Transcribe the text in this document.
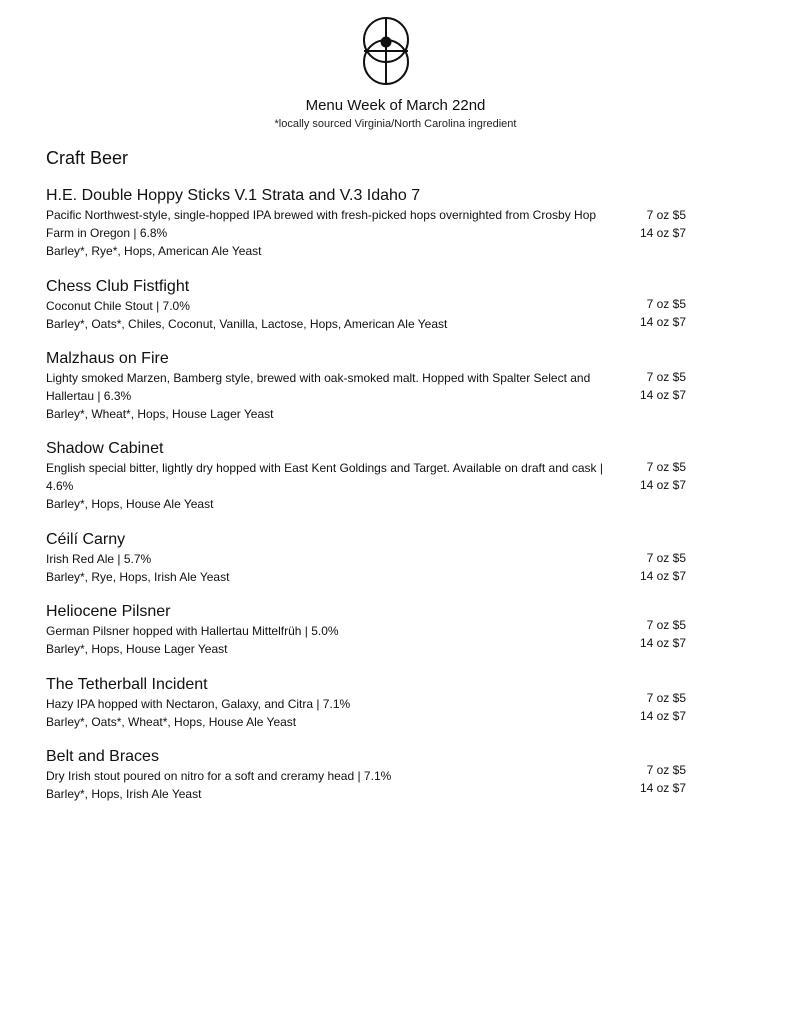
Menu Week of March 22nd
*locally sourced Virginia/North Carolina ingredient
Craft Beer
H.E. Double Hoppy Sticks V.1 Strata and V.3 Idaho 7
Pacific Northwest-style, single-hopped IPA brewed with fresh-picked hops overnighted from Crosby Hop Farm in Oregon | 6.8%
Barley*, Rye*, Hops, American Ale Yeast
7 oz $5
14 oz $7
Chess Club Fistfight
Coconut Chile Stout | 7.0%
Barley*, Oats*, Chiles, Coconut, Vanilla, Lactose, Hops, American Ale Yeast
7 oz $5
14 oz $7
Malzhaus on Fire
Lighty smoked Marzen, Bamberg style, brewed with oak-smoked malt. Hopped with Spalter Select and Hallertau | 6.3%
Barley*, Wheat*, Hops, House Lager Yeast
7 oz $5
14 oz $7
Shadow Cabinet
English special bitter, lightly dry hopped with East Kent Goldings and Target. Available on draft and cask | 4.6%
Barley*, Hops, House Ale Yeast
7 oz $5
14 oz $7
Céilí Carny
Irish Red Ale | 5.7%
Barley*, Rye, Hops, Irish Ale Yeast
7 oz $5
14 oz $7
Heliocene Pilsner
German Pilsner hopped with Hallertau Mittelfrüh | 5.0%
Barley*, Hops, House Lager Yeast
7 oz $5
14 oz $7
The Tetherball Incident
Hazy IPA hopped with Nectaron, Galaxy, and Citra | 7.1%
Barley*, Oats*, Wheat*, Hops, House Ale Yeast
7 oz $5
14 oz $7
Belt and Braces
Dry Irish stout poured on nitro for a soft and creramy head | 7.1%
Barley*, Hops, Irish Ale Yeast
7 oz $5
14 oz $7
